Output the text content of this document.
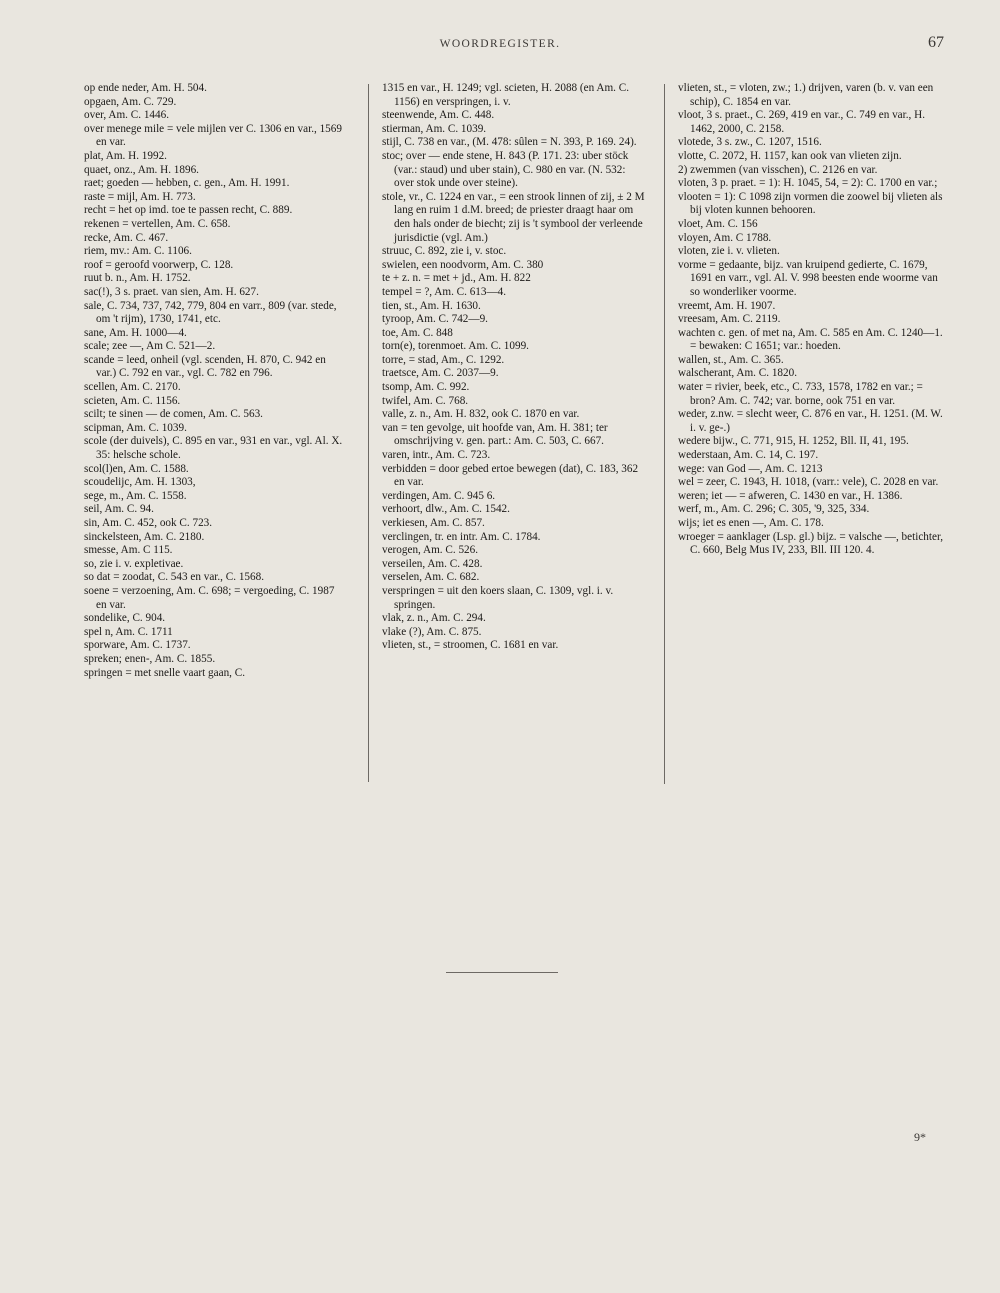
WOORDREGISTER.	67

op ende neder, Am. H. 504.

opgaen, Am. C. 729.

over, Am. C. 1446.

over menege mile = vele mijlen ver C. 1306 en var., 1569 en var.

plat, Am. H. 1992.

quaet, onz., Am. H. 1896.

raet; goeden — hebben, c. gen., Am. H. 1991.

raste = mijl, Am. H. 773.

recht = het op imd. toe te passen recht, C. 889.

rekenen = vertellen, Am. C. 658.

recke, Am. C. 467.

riem, mv.: Am. C. 1106.

roof = geroofd voorwerp, C. 128.

ruut b. n., Am. H. 1752.

sac(!), 3 s. praet. van sien, Am. H. 627.

sale, C. 734, 737, 742, 779, 804 en varr., 809 (var. stede, om 't rijm), 1730, 1741, etc.

sane, Am. H. 1000—4.

scale; zee —, Am C. 521—2.

scande = leed, onheil (vgl. scenden, H. 870, C. 942 en var.) C. 792 en var., vgl. C. 782 en 796.

scellen, Am. C. 2170.

scieten, Am. C. 1156.

scilt; te sinen — de comen, Am. C. 563.

scipman, Am. C. 1039.

scole (der duivels), C. 895 en var., 931 en var., vgl. Al. X. 35: helsche schole.

scol(l)en, Am. C. 1588.

scoudelijc, Am. H. 1303,

sege, m., Am. C. 1558.

seil, Am. C. 94.

sin, Am. C. 452, ook C. 723.

sinckelsteen, Am. C. 2180.

smesse, Am. C 115.

so, zie i. v. expletivae.

so dat = zoodat, C. 543 en var., C. 1568.

soene = verzoening, Am. C. 698; = vergoeding, C. 1987 en var.

sondelike, C. 904.

spel n, Am. C. 1711

sporware, Am. C. 1737.

spreken; enen-, Am. C. 1855.

springen = met snelle vaart gaan, C.

1315 en var., H. 1249; vgl. scieten, H. 2088 (en Am. C. 1156) en verspringen, i. v.

steenwende, Am. C. 448.

stierman, Am. C. 1039.

stijl, C. 738 en var., (M. 478: sûlen = N. 393, P. 169. 24).

stoc; over — ende stene, H. 843 (P. 171. 23: uber stöck (var.: staud) und uber stain), C. 980 en var. (N. 532: over stok unde over steine).

stole, vr., C. 1224 en var., = een strook linnen of zij, ± 2 M lang en ruim 1 d.M. breed; de priester draagt haar om den hals onder de biecht; zij is 't symbool der verleende jurisdictie (vgl. Am.)

struuc, C. 892, zie i, v. stoc.

swielen, een noodvorm, Am. C. 380

te + z. n. = met + jd., Am. H. 822

tempel = ?, Am. C. 613—4.

tien, st., Am. H. 1630.

tyroop, Am. C. 742—9.

toe, Am. C. 848

torn(e), torenmoet. Am. C. 1099.

torre, = stad, Am., C. 1292.

traetsce, Am. C. 2037—9.

tsomp, Am. C. 992.

twifel, Am. C. 768.

valle, z. n., Am. H. 832, ook C. 1870 en var.

van = ten gevolge, uit hoofde van, Am. H. 381; ter omschrijving v. gen. part.: Am. C. 503, C. 667.

varen, intr., Am. C. 723.

verbidden = door gebed ertoe bewegen (dat), C. 183, 362 en var.

verdingen, Am. C. 945 6.

verhoort, dlw., Am. C. 1542.

verkiesen, Am. C. 857.

verclingen, tr. en intr. Am. C. 1784.

verogen, Am. C. 526.

verseilen, Am. C. 428.

verselen, Am. C. 682.

verspringen = uit den koers slaan, C. 1309, vgl. i. v. springen.

vlak, z. n., Am. C. 294.

vlake (?), Am. C. 875.

vlieten, st., = stroomen, C. 1681 en var.

vlieten, st., = vloten, zw.; 1.) drijven, varen (b. v. van een schip), C. 1854 en var.

vloot, 3 s. praet., C. 269, 419 en var., C. 749 en var., H. 1462, 2000, C. 2158.

vlotede, 3 s. zw., C. 1207, 1516.

vlotte, C. 2072, H. 1157, kan ook van vlieten zijn.

2) zwemmen (van visschen), C. 2126 en var.

vloten, 3 p. praet. = 1): H. 1045, 54, = 2): C. 1700 en var.;

vlooten = 1): C 1098 zijn vormen die zoowel bij vlieten als bij vloten kunnen behooren.

vloet, Am. C. 156

vloyen, Am. C 1788.

vloten, zie i. v. vlieten.

vorme = gedaante, bijz. van kruipend gedierte, C. 1679, 1691 en varr., vgl. Al. V. 998 beesten ende woorme van so wonderliker voorme.

vreemt, Am. H. 1907.

vreesam, Am. C. 2119.

wachten c. gen. of met na, Am. C. 585 en Am. C. 1240—1. = bewaken: C 1651; var.: hoeden.

wallen, st., Am. C. 365.

walscherant, Am. C. 1820.

water = rivier, beek, etc., C. 733, 1578, 1782 en var.; = bron? Am. C. 742; var. borne, ook 751 en var.

weder, z.nw. = slecht weer, C. 876 en var., H. 1251. (M. W. i. v. ge-.)

wedere bijw., C. 771, 915, H. 1252, Bll. II, 41, 195.

wederstaan, Am. C. 14, C. 197.

wege: van God —, Am. C. 1213

wel = zeer, C. 1943, H. 1018, (varr.: vele), C. 2028 en var.

weren; iet — = afweren, C. 1430 en var., H. 1386.

werf, m., Am. C. 296; C. 305, '9, 325, 334.

wijs; iet es enen —, Am. C. 178.

wroeger = aanklager (Lsp. gl.) bijz. = valsche —, betichter, C. 660, Belg Mus IV, 233, Bll. III 120. 4.

9*
